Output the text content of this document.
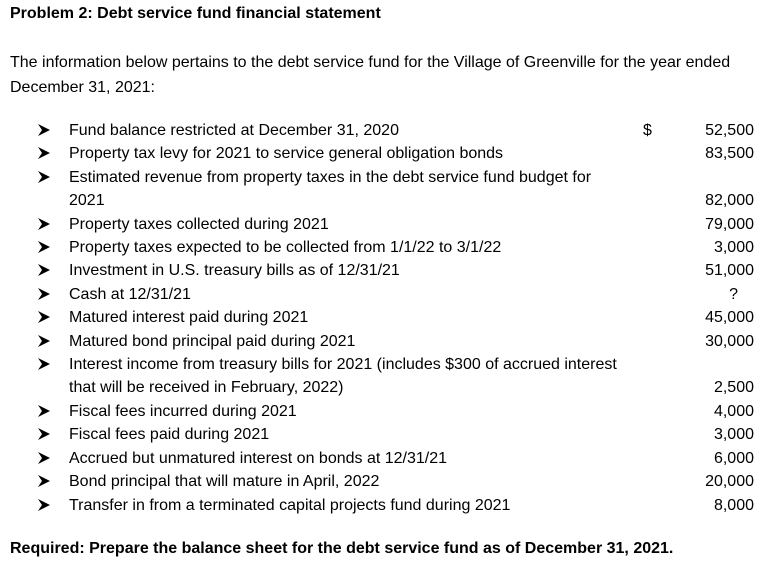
Problem 2: Debt service fund financial statement
The information below pertains to the debt service fund for the Village of Greenville for the year ended December 31, 2021:
Fund balance restricted at December 31, 2020	$	52,500
Property tax levy for 2021 to service general obligation bonds	83,500
Estimated revenue from property taxes in the debt service fund budget for 2021	82,000
Property taxes collected during 2021	79,000
Property taxes expected to be collected from 1/1/22 to 3/1/22	3,000
Investment in U.S. treasury bills as of 12/31/21	51,000
Cash at 12/31/21	?
Matured interest paid during 2021	45,000
Matured bond principal paid during 2021	30,000
Interest income from treasury bills for 2021 (includes $300 of accrued interest that will be received in February, 2022)	2,500
Fiscal fees incurred during 2021	4,000
Fiscal fees paid during 2021	3,000
Accrued but unmatured interest on bonds at 12/31/21	6,000
Bond principal that will mature in April, 2022	20,000
Transfer in from a terminated capital projects fund during 2021	8,000
Required: Prepare the balance sheet for the debt service fund as of December 31, 2021.
